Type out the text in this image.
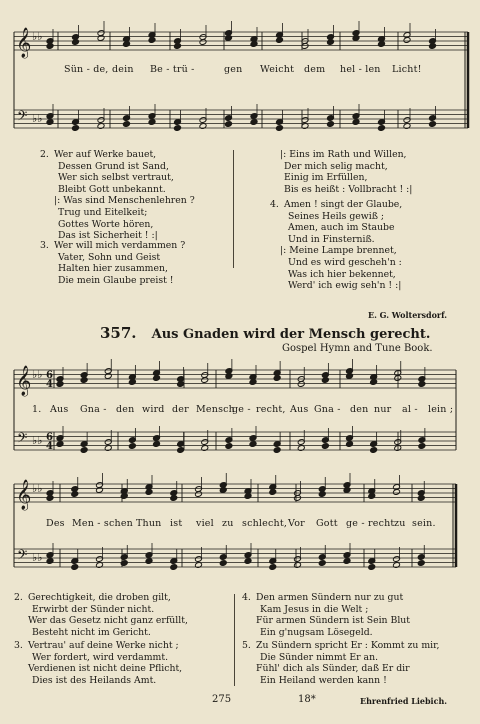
𝄞
𝄢
♭♭
♭♭
𝄞
𝄢
♭♭
♭♭
6
4
6
4
𝄞
𝄢
♭♭
♭♭
Sün - de, dein Be - trü -	gen Weicht dem hel - len Licht!
2. Wer auf Werke bauet,
Dessen Grund ist Sand,
Wer sich selbst vertraut,
Bleibt Gott unbekannt.
|: Was sind Menschenlehren ?
Trug und Eitelkeit;
Gottes Worte hören,
Das ist Sicherheit ! :|
3. Wer will mich verdammen ?
Vater, Sohn und Geist
Halten hier zusammen,
Die mein Glaube preist !
|: Eins im Rath und Willen,
Der mich selig macht,
Einig im Erfüllen,
Bis es heißt : Vollbracht ! :|
4. Amen ! singt der Glaube,
Seines Heils gewiß ;
Amen, auch im Staube
Und in Finsterniß.
|: Meine Lampe brennet,
Und es wird gescheh'n :
Was ich hier bekennet,
Werd' ich ewig seh'n ! :|
E. G. Woltersdorf.
357. Aus Gnaden wird der Mensch gerecht.
Gospel Hymn and Tune Book.
1. Aus Gna - den wird der Mensch
ge - recht, Aus Gna - den nur al - lein ;
Des Men - schen Thun ist viel zu schlecht, Vor Gott ge - recht zu sein.
2. Gerechtigkeit, die droben gilt,
Erwirbt der Sünder nicht.
Wer das Gesetz nicht ganz erfüllt,
Besteht nicht im Gericht.
3. Vertrau' auf deine Werke nicht ;
Wer fordert, wird verdammt.
Verdienen ist nicht deine Pflicht,
Dies ist des Heilands Amt.
4. Den armen Sündern nur zu gut
Kam Jesus in die Welt ;
Für armen Sündern ist Sein Blut
Ein g'nugsam Lösegeld.
5. Zu Sündern spricht Er : Kommt zu mir,
Die Sünder nimmt Er an.
Fühl' dich als Sünder, daß Er dir
Ein Heiland werden kann !
275	18*	Ehrenfried Liebich.
